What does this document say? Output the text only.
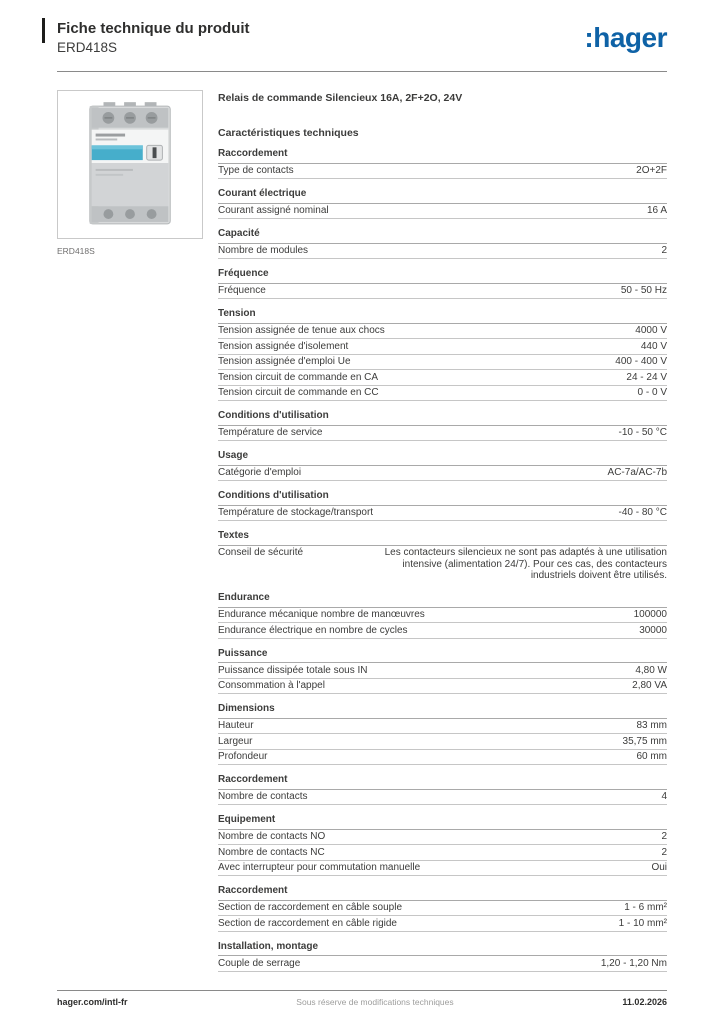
Fiche technique du produit
ERD418S	:hager
ERD418S
Relais de commande Silencieux 16A, 2F+2O, 24V
Caractéristiques techniques
Raccordement
Type de contacts	2O+2F
Courant électrique
Courant assigné nominal	16 A
Capacité
Nombre de modules	2
Fréquence
Fréquence	50 - 50 Hz
Tension
Tension assignée de tenue aux chocs	4000 V
Tension assignée d'isolement	440 V
Tension assignée d'emploi Ue	400 - 400 V
Tension circuit de commande en CA	24 - 24 V
Tension circuit de commande en CC	0 - 0 V
Conditions d'utilisation
Température de service	-10 - 50 °C
Usage
Catégorie d'emploi	AC-7a/AC-7b
Conditions d'utilisation
Température de stockage/transport	-40 - 80 °C
Textes
Conseil de sécurité	Les contacteurs silencieux ne sont pas adaptés à une utilisation intensive (alimentation 24/7). Pour ces cas, des contacteurs industriels doivent être utilisés.
Endurance
Endurance mécanique nombre de manœuvres	100000
Endurance électrique en nombre de cycles	30000
Puissance
Puissance dissipée totale sous IN	4,80 W
Consommation à l'appel	2,80 VA
Dimensions
Hauteur	83 mm
Largeur	35,75 mm
Profondeur	60 mm
Raccordement
Nombre de contacts	4
Equipement
Nombre de contacts NO	2
Nombre de contacts NC	2
Avec interrupteur pour commutation manuelle	Oui
Raccordement
Section de raccordement en câble souple	1 - 6 mm²
Section de raccordement en câble rigide	1 - 10 mm²
Installation, montage
Couple de serrage	1,20 - 1,20 Nm
hager.com/intl-fr	Sous réserve de modifications techniques	11.02.2026
